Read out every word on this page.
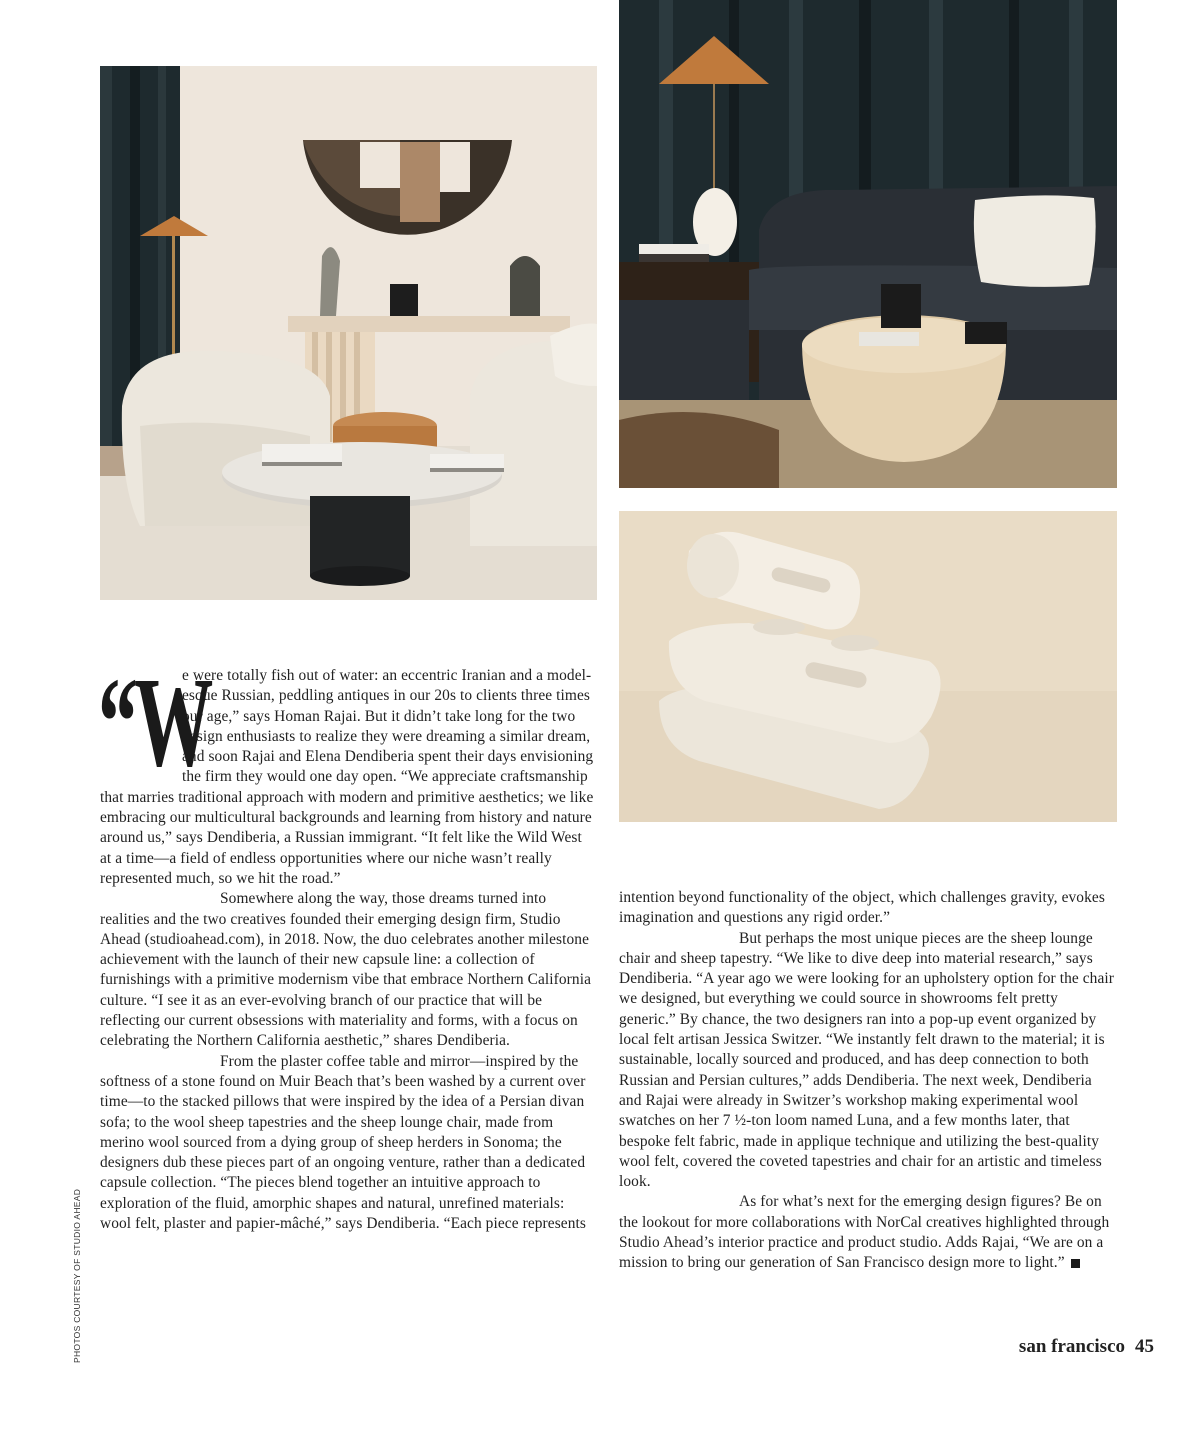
“W

e were totally fish out of water: an eccentric Iranian and a model-esque Russian, peddling antiques in our 20s to clients three times our age,” says Homan Rajai. But it didn’t take long for the two design enthusiasts to realize they were dreaming a similar dream, and soon Rajai and Elena Dendiberia spent their days envisioning the firm they would one day open. “We appreciate craftsmanship that marries traditional approach with modern and primitive aesthetics; we like embracing our multicultural backgrounds and learning from history and nature around us,” says Dendiberia, a Russian immigrant. “It felt like the Wild West at a time—a field of endless opportunities where our niche wasn’t really represented much, so we hit the road.”

Somewhere along the way, those dreams turned into realities and the two creatives founded their emerging design firm, Studio Ahead (studioahead.com), in 2018. Now, the duo celebrates another milestone achievement with the launch of their new capsule line: a collection of furnishings with a primitive modernism vibe that embrace Northern California culture. “I see it as an ever-evolving branch of our practice that will be reflecting our current obsessions with materiality and forms, with a focus on celebrating the Northern California aesthetic,” shares Dendiberia.

From the plaster coffee table and mirror—inspired by the softness of a stone found on Muir Beach that’s been washed by a current over time—to the stacked pillows that were inspired by the idea of a Persian divan sofa; to the wool sheep tapestries and the sheep lounge chair, made from merino wool sourced from a dying group of sheep herders in Sonoma; the designers dub these pieces part of an ongoing venture, rather than a dedicated capsule collection. “The pieces blend together an intuitive approach to exploration of the fluid, amorphic shapes and natural, unrefined materials: wool felt, plaster and papier-mâché,” says Dendiberia. “Each piece represents

intention beyond functionality of the object, which challenges gravity, evokes imagination and questions any rigid order.”

But perhaps the most unique pieces are the sheep lounge chair and sheep tapestry. “We like to dive deep into material research,” says Dendiberia. “A year ago we were looking for an upholstery option for the chair we designed, but everything we could source in showrooms felt pretty generic.” By chance, the two designers ran into a pop-up event organized by local felt artisan Jessica Switzer. “We instantly felt drawn to the material; it is sustainable, locally sourced and produced, and has deep connection to both Russian and Persian cultures,” adds Dendiberia. The next week, Dendiberia and Rajai were already in Switzer’s workshop making experimental wool swatches on her 7 ½-ton loom named Luna, and a few months later, that bespoke felt fabric, made in applique technique and utilizing the best-quality wool felt, covered the coveted tapestries and chair for an artistic and timeless look.

As for what’s next for the emerging design figures? Be on the lookout for more collaborations with NorCal creatives highlighted through Studio Ahead’s interior practice and product studio. Adds Rajai, “We are on a mission to bring our generation of San Francisco design more to light.”

PHOTOS COURTESY OF STUDIO AHEAD	san francisco 45
